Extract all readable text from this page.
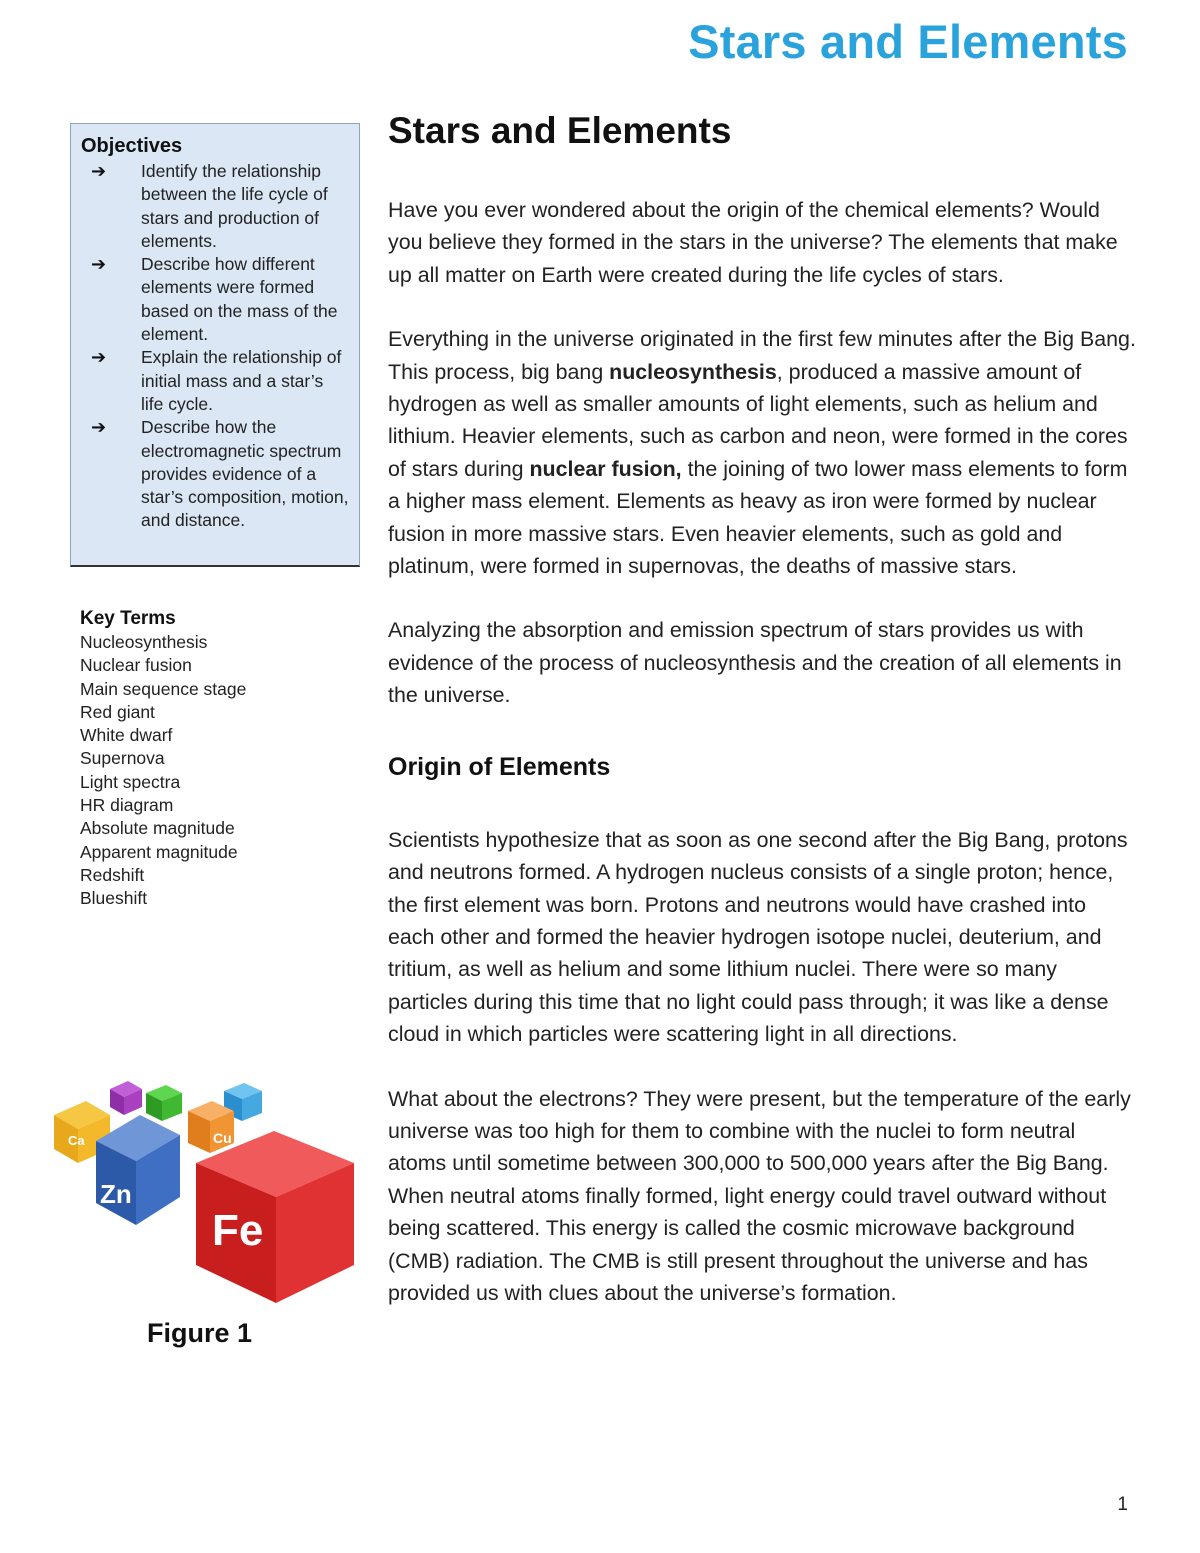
Stars and Elements
Objectives
➔	Identify the relationship between the life cycle of stars and production of elements.
➔	Describe how different elements were formed based on the mass of the element.
➔	Explain the relationship of initial mass and a star’s life cycle.
➔	Describe how the electromagnetic spectrum provides evidence of a star’s composition, motion, and distance.
Key Terms
Nucleosynthesis
Nuclear fusion
Main sequence stage
Red giant
White dwarf
Supernova
Light spectra
HR diagram
Absolute magnitude
Apparent magnitude
Redshift
Blueshift
Ca	Cu
Zn
Fe

Figure 1

Stars and Elements

Have you ever wondered about the origin of the chemical elements? Would you believe they formed in the stars in the universe? The elements that make up all matter on Earth were created during the life cycles of stars.

Everything in the universe originated in the first few minutes after the Big Bang. This process, big bang nucleosynthesis, produced a massive amount of hydrogen as well as smaller amounts of light elements, such as helium and lithium. Heavier elements, such as carbon and neon, were formed in the cores of stars during nuclear fusion, the joining of two lower mass elements to form a higher mass element. Elements as heavy as iron were formed by nuclear fusion in more massive stars. Even heavier elements, such as gold and platinum, were formed in supernovas, the deaths of massive stars.

Analyzing the absorption and emission spectrum of stars provides us with evidence of the process of nucleosynthesis and the creation of all elements in the universe.

Origin of Elements

Scientists hypothesize that as soon as one second after the Big Bang, protons and neutrons formed. A hydrogen nucleus consists of a single proton; hence, the first element was born. Protons and neutrons would have crashed into each other and formed the heavier hydrogen isotope nuclei, deuterium, and tritium, as well as helium and some lithium nuclei. There were so many particles during this time that no light could pass through; it was like a dense cloud in which particles were scattering light in all directions.

What about the electrons? They were present, but the temperature of the early universe was too high for them to combine with the nuclei to form neutral atoms until sometime between 300,000 to 500,000 years after the Big Bang. When neutral atoms finally formed, light energy could travel outward without being scattered. This energy is called the cosmic microwave background (CMB) radiation. The CMB is still present throughout the universe and has provided us with clues about the universe’s formation.

1
